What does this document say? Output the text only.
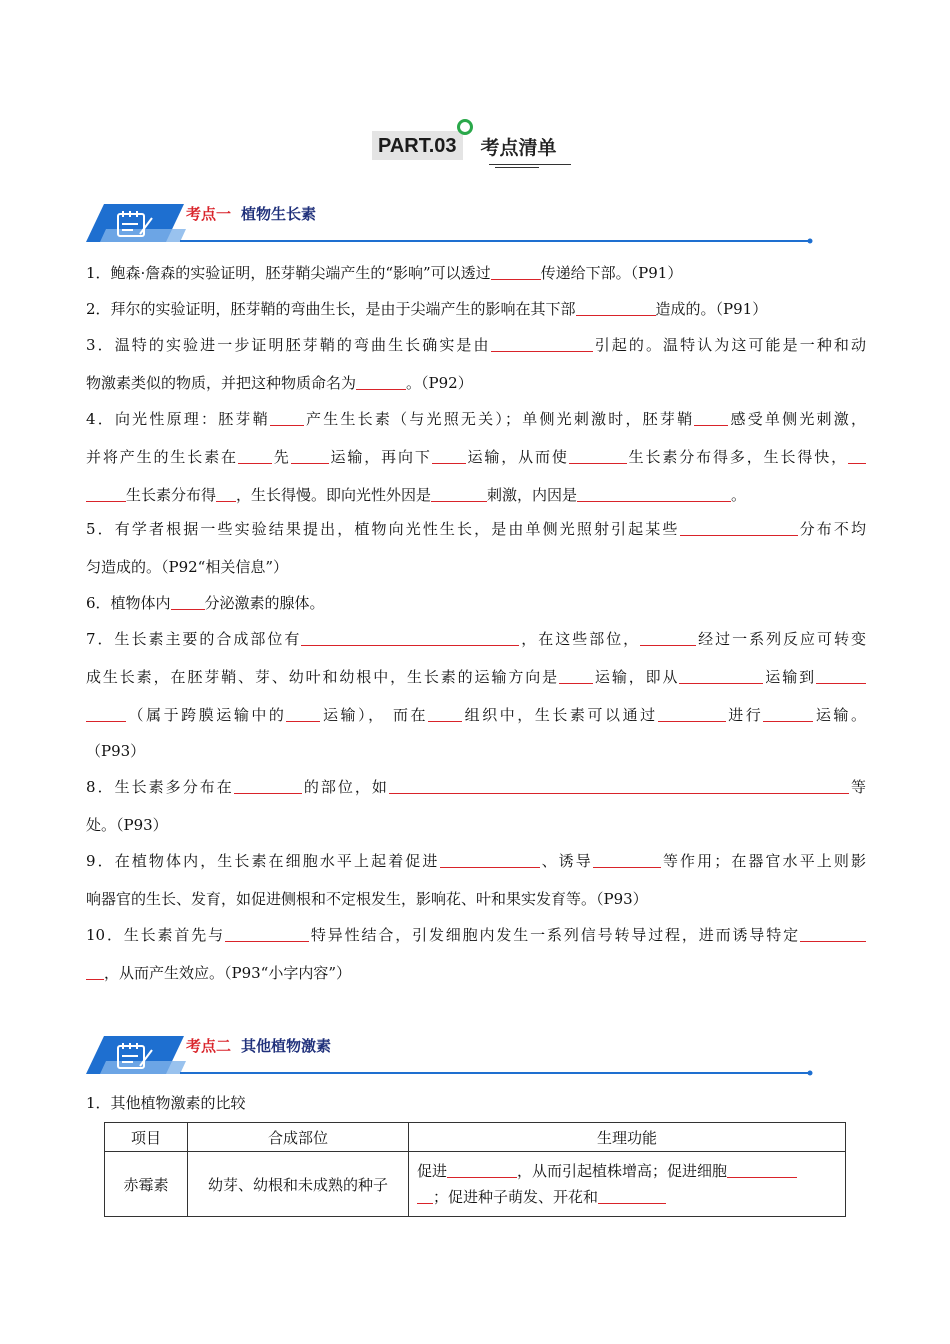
PART.03	考点清单
考点一 植物生长素
1．鲍森·詹森的实验证明，胚芽鞘尖端产生的“影响”可以透过	传递给下部。（P91）
2．拜尔的实验证明，胚芽鞘的弯曲生长，是由于尖端产生的影响在其下部	造成的。（P91）
3．温特的实验进一步证明胚芽鞘的弯曲生长确实是由	引起的。温特认为这可能是一种和动
物激素类似的物质，并把这种物质命名为	。（P92）
4．向光性原理：胚芽鞘 产生生长素（与光照无关）；单侧光刺激时，胚芽鞘 感受单侧光刺激，
并将产生的生长素在 先	运输，再向下 运输，从而使	生长素分布得多，生长得快，
生长素分布得 ，生长得慢。即向光性外因是	刺激，内因是	。
5．有学者根据一些实验结果提出，植物向光性生长，是由单侧光照射引起某些	分布不均
匀造成的。（P92“相关信息”）
6．植物体内 分泌激素的腺体。
7．生长素主要的合成部位有	，在这些部位，	经过一系列反应可转变
成生长素，在胚芽鞘、芽、幼叶和幼根中，生长素的运输方向是 运输，即从	运输到
（属于跨膜运输中的 运输）， 而在 组织中，生长素可以通过	进行	运输。
（P93）
8．生长素多分布在	的部位，如	等
处。（P93）
9．在植物体内，生长素在细胞水平上起着促进	、诱导	等作用；在器官水平上则影
响器官的生长、发育，如促进侧根和不定根发生，影响花、叶和果实发育等。（P93）
10．生长素首先与	特异性结合，引发细胞内发生一系列信号转导过程，进而诱导特定
，从而产生效应。（P93“小字内容”）
考点二 其他植物激素
1．其他植物激素的比较
项目	合成部位	生理功能
赤霉素	幼芽、幼根和未成熟的种子	促进 ，从而引起植株增高；促进细胞
；促进种子萌发、开花和
